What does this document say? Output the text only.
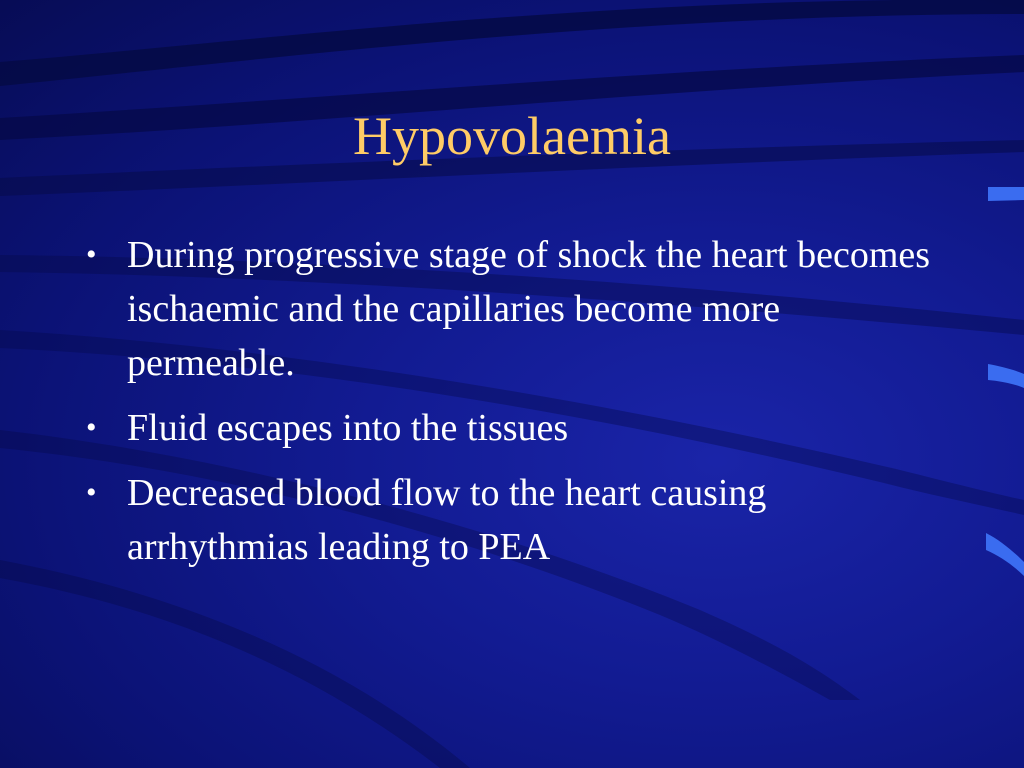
Hypovolaemia
• During progressive stage of shock the heart becomes ischaemic and the capillaries become more permeable.
• Fluid escapes into the tissues
• Decreased blood flow to the heart causing arrhythmias leading to PEA
